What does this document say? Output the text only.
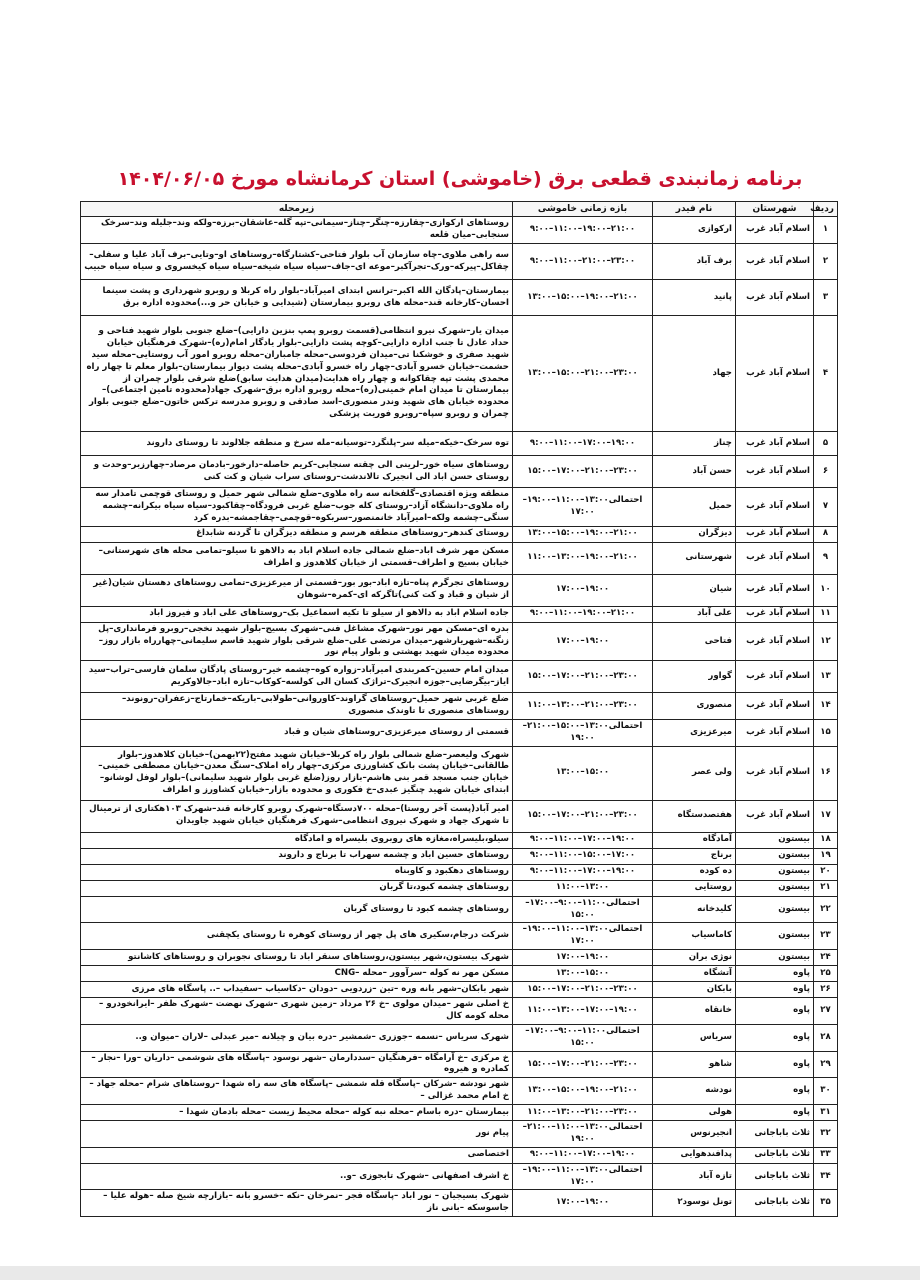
برنامه زمانبندی قطعی برق (خاموشی) استان کرمانشاه مورخ ۱۴۰۴/۰۶/۰۵
ردیف	شهرستان	نام فیدر	بازه زمانی خاموشی	زیرمحله
۱	اسلام آباد غرب	ارکوازی	۲۱:۰۰–۱۹:۰۰–۱۱:۰۰–۹:۰۰	روستاهای ارکوازی–چقارزه–چنگر–چناز–سیمانی–تپه گله–عاشقان–برزه–ولکه وند–جلیله وند–سرخک سنجابی–میان قلعه
۲	اسلام آباد غرب	برف آباد	۲۳:۰۰–۲۱:۰۰–۱۱:۰۰–۹:۰۰	سه راهی ملاوی–چاه سازمان آب بلوار فتاحی–کشتارگاه–روستاهای او–وتایی–برف آباد علیا و سفلی–چقاکل–پیرکه–ورک–تجرآکبر–موعه ای–جاف–سیاه سیاه شیخه–سیاه سیاه کیخسروی و سیاه سیاه حبیب
۳	اسلام آباد غرب	پانید	۲۱:۰۰–۱۹:۰۰–۱۵:۰۰–۱۳:۰۰	بیمارستان–پادگان الله اکبر–ترانس ابتدای امیرآباد–بلوار راه کربلا و روبرو شهرداری و پشت سینما احسان–کارخانه قند–محله های روبرو بیمارستان (شیدایی و خیابان حر و...)محدوده اداره برق
۴	اسلام آباد غرب	جهاد	۲۳:۰۰–۲۱:۰۰–۱۵:۰۰–۱۳:۰۰	میدان یار–شهرک نیرو انتظامی(قسمت روبرو پمپ بنزین دارایی)–ضلع جنوبی بلوار شهید فتاحی و حداد عادل تا جنب اداره دارایی–کوچه پشت دارایی–بلوار یادگار امام(ره)–شهرک فرهنگیان خیابان شهید صفری و خوشکنا تی–میدان فردوسی–محله جامباران–محله روبرو امور آب روستایی–محله سید حشمت–خیابان خسرو آبادی–چهار راه خسرو آبادی–محله پشت دیوار بیمارستان–بلوار معلم تا چهار راه محمدی پشت تپه چقاکوانه و چهار راه هدایت(میدان هدایت سابق)ضلع شرقی بلوار چمران از بیمارستان تا میدان امام خمینی(ره)–محله روبرو اداره برق–شهرک جهاد(محدوده تامین اجتماعی)–محدوده خیابان های شهید وندر منصوری–اسد صادقی و روبرو مدرسه ترکس خاتون–ضلع جنوبی بلوار چمران و روبرو سپاه–روبرو فوریت پزشکی
۵	اسلام آباد غرب	چناز	۱۹:۰۰–۱۷:۰۰–۱۱:۰۰–۹:۰۰	توه سرخک–خیکه–میله سر–پلنگرد–توسیانه–مله سرخ و منطقه جلالوند تا روستای داروند
۶	اسلام آباد غرب	حسن آباد	۲۳:۰۰–۲۱:۰۰–۱۷:۰۰–۱۵:۰۰	روستاهای سیاه خور–لرینی الی چقته سنجابی–کریم حاصله–دارخور–بادمان مرصاد–چهارزبر–وحدت و روستای حسن اباد الی انجیرک تالاندشت–روستای سراب شیان و کت کنی
۷	اسلام آباد غرب	حمیل	احتمالی۱۳:۰۰–۱۱:۰۰–۱۹:۰۰–۱۷:۰۰	منطقه ویژه اقتصادی–گلفخانه سه راه ملاوی–ضلع شمالی شهر حمیل و روستای قوچمی تامدار سه راه ملاوی–دانشگاه آزاد–روستای کله جوب–ضلع غربی فرودگاه–چقاکبود–سیاه سیاه بیکرانه–چشمه سنگی–چشمه ولکه–امیرآباد خانمنصور–سربکوه–قوچمی–چقاجمشه–بدره کرد
۸	اسلام آباد غرب	دیزگران	۲۱:۰۰–۱۹:۰۰–۱۵:۰۰–۱۳:۰۰	روستای کندهر–روستاهای منطقه هرسم و منطقه دیزگران تا گردنه شابداغ
۹	اسلام آباد غرب	شهرستانی	۲۱:۰۰–۱۹:۰۰–۱۳:۰۰–۱۱:۰۰	مسکن مهر شرف اباد–ضلع شمالی جاده اسلام اباد به دالاهو تا سیلو–تمامی محله های شهرستانی–خیابان بسیج و اطراف–قسمتی از خیابان کلاهدوز و اطراف
۱۰	اسلام آباد غرب	شیان	۱۹:۰۰–۱۷:۰۰	روستاهای تجرگرم پناه–تازه اباد–بور بور–قسمتی از میرعزیزی–تمامی روستاهای دهستان شیان(غیر از شیان و قباد و کت کنی)تاگرکه ای–کمره–شوهان
۱۱	اسلام آباد غرب	علی آباد	۲۱:۰۰–۱۹:۰۰–۱۱:۰۰–۹:۰۰	جاده اسلام اباد به دالاهو از سیلو تا تکیه اسماعیل بک–روستاهای علی اباد و فیروز اباد
۱۲	اسلام آباد غرب	فتاحی	۱۹:۰۰–۱۷:۰۰	بدره ای–مسکن مهر نور–شهرک مشاغل فنی–شهرک بسیج–بلوار شهید نخجی–روبرو فرمانداری–پل زنگنه–شهریارشهر–میدان مرتضی علی–ضلع شرقی بلوار شهید قاسم سلیمانی–چهارراه بازار روز–محدوده میدان شهید بهشتی و بلوار پیام نور
۱۳	اسلام آباد غرب	گواور	۲۳:۰۰–۲۱:۰۰–۱۷:۰۰–۱۵:۰۰	میدان امام حسین–کمربندی امیرآباد–زواره کوه–چشمه خیر–روستای پادگان سلمان فارسی–تراب–سید ایاز–بیگرضایی–جوزه انجیرک–تراژک کسان الی کولسه–کوکاب–تازه اباد–جالاوکریم
۱۴	اسلام آباد غرب	منصوری	۲۳:۰۰–۲۱:۰۰–۱۳:۰۰–۱۱:۰۰	ضلع غربی شهر حمیل–روستاهای گراوند–کاوروانی–طولابی–باریکه–خمارتاج–زعفران–رونوند–روستاهای منصوری تا تاوندک منصوری
۱۵	اسلام آباد غرب	میرعزیزی	احتمالی۱۳:۰۰–۱۵:۰۰–۲۱:۰۰–۱۹:۰۰	قسمتی از روستای میرعزیزی–روستاهای شیان و قباد
۱۶	اسلام آباد غرب	ولی عصر	۱۵:۰۰–۱۳:۰۰	شهرک ولیعصر–ضلع شمالی بلوار راه کربلا–خیابان شهید مفتح(۲۲بهمن)–خیابان کلاهدوز–بلوار طالقانی–خیابان پشت بانک کشاورزی مرکزی–چهار راه املاک–سنگ معدن–خیابان مصطفی خمینی–خیابان جنب مسجد قمر بنی هاشم–بازار روز(ضلع غربی بلوار شهید سلیمانی)–بلوار لوفل لوشانو–ابتدای خیابان شهید چنگیز عبدی–خ فکوری و محدوده بازار–خیابان کشاورز و اطراف
۱۷	اسلام آباد غرب	هفتصدستگاه	۲۳:۰۰–۲۱:۰۰–۱۷:۰۰–۱۵:۰۰	امیر آباد(پست آخر روستا)–محله ۷۰۰دستگاه–شهرک روبرو کارخانه قند–شهرک ۱۰۳هکتاری از ترمینال تا شهرک جهاد و شهرک نیروی انتظامی–شهرک فرهنگیان خیابان شهید جاویدان
۱۸	بیستون	آمادگاه	۱۹:۰۰–۱۷:۰۰–۱۱:۰۰–۹:۰۰	سیلو،بلیسراه،مغازه های روبروی بلیسراه و امادگاه
۱۹	بیستون	برناج	۱۷:۰۰–۱۵:۰۰–۱۱:۰۰–۹:۰۰	روستاهای حسین اباد و چشمه سهراب تا برناج و داروند
۲۰	بیستون	ده کوده	۱۹:۰۰–۱۷:۰۰–۱۱:۰۰–۹:۰۰	روستاهای دهکبود و کاوبناه
۲۱	بیستون	روستایی	۱۳:۰۰–۱۱:۰۰	روستاهای چشمه کبود،تا گربان
۲۲	بیستون	کلیدخانه	احتمالی۱۱:۰۰–۹:۰۰–۱۷:۰۰–۱۵:۰۰	روستاهای چشمه کبود تا روستای گربان
۲۳	بیستون	کاماسیاب	احتمالی۱۳:۰۰–۱۱:۰۰–۱۹:۰۰–۱۷:۰۰	شرکت درجام،سکیری های پل چهر از روستای کوهره تا روستای یکچقنی
۲۴	بیستون	نوژی بران	۱۹:۰۰–۱۷:۰۰	شهرک بیستون،شهر بیستون،روستاهای سنقر اباد تا روستای نجوبران و روستاهای کاشانتو
۲۵	پاوه	آتشگاه	۱۵:۰۰–۱۳:۰۰	مسکن مهر نه کوله –سرآوور –محله –CNG
۲۶	پاوه	بابکان	۲۳:۰۰–۲۱:۰۰–۱۷:۰۰–۱۵:۰۰	شهر بابکان–شهر بانه وره –تین –زردویی –دودان –دکاسیاب –سفیداب –.. پاسگاه های مرزی
۲۷	پاوه	خانقاه	۱۹:۰۰–۱۷:۰۰–۱۳:۰۰–۱۱:۰۰	خ اصلی شهر –میدان مولوی –خ ۲۶ مرداد –زمین شهری –شهرک نهضت –شهرک ظفر –ایرانخودرو –محله کومه کال
۲۸	پاوه	سریاس	احتمالی۱۱:۰۰–۹:۰۰–۱۷:۰۰–۱۵:۰۰	شهرک سریاس –نسمه –جوزری –شمشیر –دره بیان و چیلانه –میر عبدلی –لاران –میوان و..
۲۹	پاوه	شاهو	۲۳:۰۰–۲۱:۰۰–۱۷:۰۰–۱۵:۰۰	خ مرکزی –خ آرامگاه –فرهنگیان –سددارمان –شهر نوسود –پاسگاه های شوشمی –داریان –ورا –نجار –کمادره و هیروه
۳۰	پاوه	نودشه	۲۱:۰۰–۱۹:۰۰–۱۵:۰۰–۱۳:۰۰	شهر نودشه –شرکان –پاسگاه قله شمشی –پاسگاه های سه راه شهدا –روستاهای شرام –محله جهاد –خ امام محمد غزالی –
۳۱	پاوه	هولی	۲۳:۰۰–۲۱:۰۰–۱۳:۰۰–۱۱:۰۰	بیمارستان –دره باسام –محله نبه کوله –محله محیط زیست –محله بادمان شهدا –
۳۲	ثلاث باباجانی	انجیرنوس	احتمالی۱۳:۰۰–۱۱:۰۰–۲۱:۰۰–۱۹:۰۰	پیام نور
۳۳	ثلاث باباجانی	پدافندهوایی	۱۹:۰۰–۱۷:۰۰–۱۱:۰۰–۹:۰۰	اختصاصی
۳۴	ثلاث باباجانی	تازه آباد	احتمالی۱۳:۰۰–۱۱:۰۰–۱۹:۰۰–۱۷:۰۰	خ اشرف اصفهانی –شهرک تابجوزی –و..
۳۵	ثلاث باباجانی	تونل نوسود۲	۱۹:۰۰–۱۷:۰۰	شهرک بسیجیان – نور اباد –پاسگاه فجر –نمرخان –نکه –خسرو بانه –بازارچه شیخ صله –هوله علیا –جاسوسکه –بانی ناز
